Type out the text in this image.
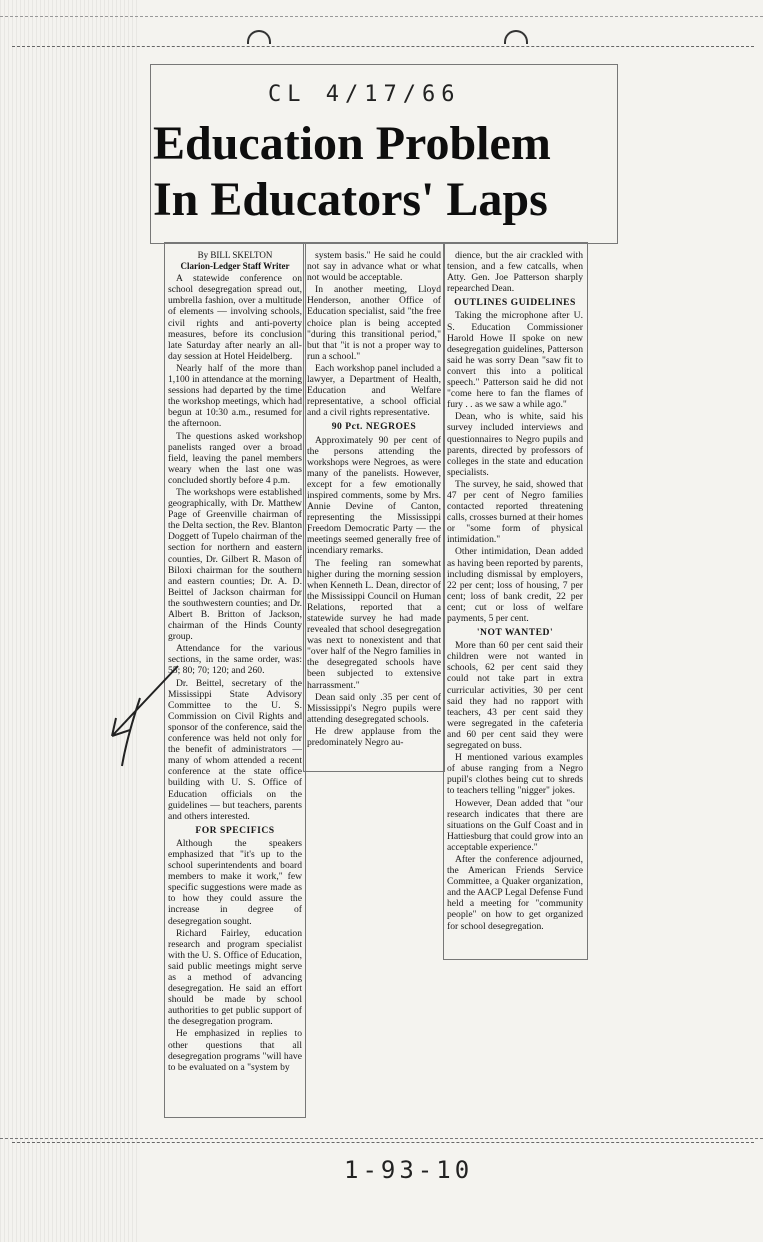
CL 4/17/66
Education Problem
In Educators' Laps

By BILL SKELTON
Clarion-Ledger Staff Writer

A statewide conference on school desegregation spread out, umbrella fashion, over a multitude of elements — involving schools, civil rights and anti-poverty measures, before its conclusion late Saturday after nearly an all-day session at Hotel Heidelberg.

Nearly half of the more than 1,100 in attendance at the morning sessions had departed by the time the workshop meetings, which had begun at 10:30 a.m., resumed for the afternoon.

The questions asked workshop panelists ranged over a broad field, leaving the panel members weary when the last one was concluded shortly before 4 p.m.

The workshops were established geographically, with Dr. Matthew Page of Greenville chairman of the Delta section, the Rev. Blanton Doggett of Tupelo chairman of the section for northern and eastern counties, Dr. Gilbert R. Mason of Biloxi chairman for the southern and eastern counties; Dr. A. D. Beittel of Jackson chairman for the southwestern counties; and Dr. Albert B. Britton of Jackson, chairman of the Hinds County group.

Attendance for the various sections, in the same order, was: 55; 80; 70; 120; and 260.

Dr. Beittel, secretary of the Mississippi State Advisory Committee to the U. S. Commission on Civil Rights and sponsor of the conference, said the conference was held not only for the benefit of administrators — many of whom attended a recent conference at the state office building with U. S. Office of Education officials on the guidelines — but teachers, parents and others interested.

FOR SPECIFICS

Although the speakers emphasized that "it's up to the school superintendents and board members to make it work," few specific suggestions were made as to how they could assure the increase in degree of desegregation sought.

Richard Fairley, education research and program specialist with the U. S. Office of Education, said public meetings might serve as a method of advancing desegregation. He said an effort should be made by school authorities to get public support of the desegregation program.

He emphasized in replies to other questions that all desegregation programs "will have to be evaluated on a "system by

system basis." He said he could not say in advance what or what not would be acceptable.

In another meeting, Lloyd Henderson, another Office of Education specialist, said "the free choice plan is being accepted "during this transitional period," but that "it is not a proper way to run a school."

Each workshop panel included a lawyer, a Department of Health, Education and Welfare representative, a school official and a civil rights representative.

90 Pct. NEGROES

Approximately 90 per cent of the persons attending the workshops were Negroes, as were many of the panelists. However, except for a few emotionally inspired comments, some by Mrs. Annie Devine of Canton, representing the Mississippi Freedom Democratic Party — the meetings seemed generally free of incendiary remarks.

The feeling ran somewhat higher during the morning session when Kenneth L. Dean, director of the Mississippi Council on Human Relations, reported that a statewide survey he had made revealed that school desegregation was next to nonexistent and that "over half of the Negro families in the desegregated schools have been subjected to extensive harrassment."

Dean said only .35 per cent of Mississippi's Negro pupils were attending desegregated schools.

He drew applause from the predominately Negro au-

dience, but the air crackled with tension, and a few catcalls, when Atty. Gen. Joe Patterson sharply repearched Dean.

OUTLINES GUIDELINES

Taking the microphone after U. S. Education Commissioner Harold Howe II spoke on new desegregation guidelines, Patterson said he was sorry Dean "saw fit to convert this into a political speech." Patterson said he did not "come here to fan the flames of fury . . as we saw a while ago."

Dean, who is white, said his survey included interviews and questionnaires to Negro pupils and parents, directed by professors of colleges in the state and education specialists.

The survey, he said, showed that 47 per cent of Negro families contacted reported threatening calls, crosses burned at their homes or "some form of physical intimidation."

Other intimidation, Dean added as having been reported by parents, including dismissal by employers, 22 per cent; loss of housing, 7 per cent; loss of bank credit, 22 per cent; cut or loss of welfare payments, 5 per cent.

'NOT WANTED'

More than 60 per cent said their children were not wanted in schools, 62 per cent said they could not take part in extra curricular activities, 30 per cent said they had no rapport with teachers, 43 per cent said they were segregated in the cafeteria and 60 per cent said they were segregated on buss.

H mentioned various examples of abuse ranging from a Negro pupil's clothes being cut to shreds to teachers telling "nigger" jokes.

However, Dean added that "our research indicates that there are situations on the Gulf Coast and in Hattiesburg that could grow into an acceptable experience."

After the conference adjourned, the American Friends Service Committee, a Quaker organization, and the AACP Legal Defense Fund held a meeting for "community people" on how to get organized for school desegregation.

1-93-10
